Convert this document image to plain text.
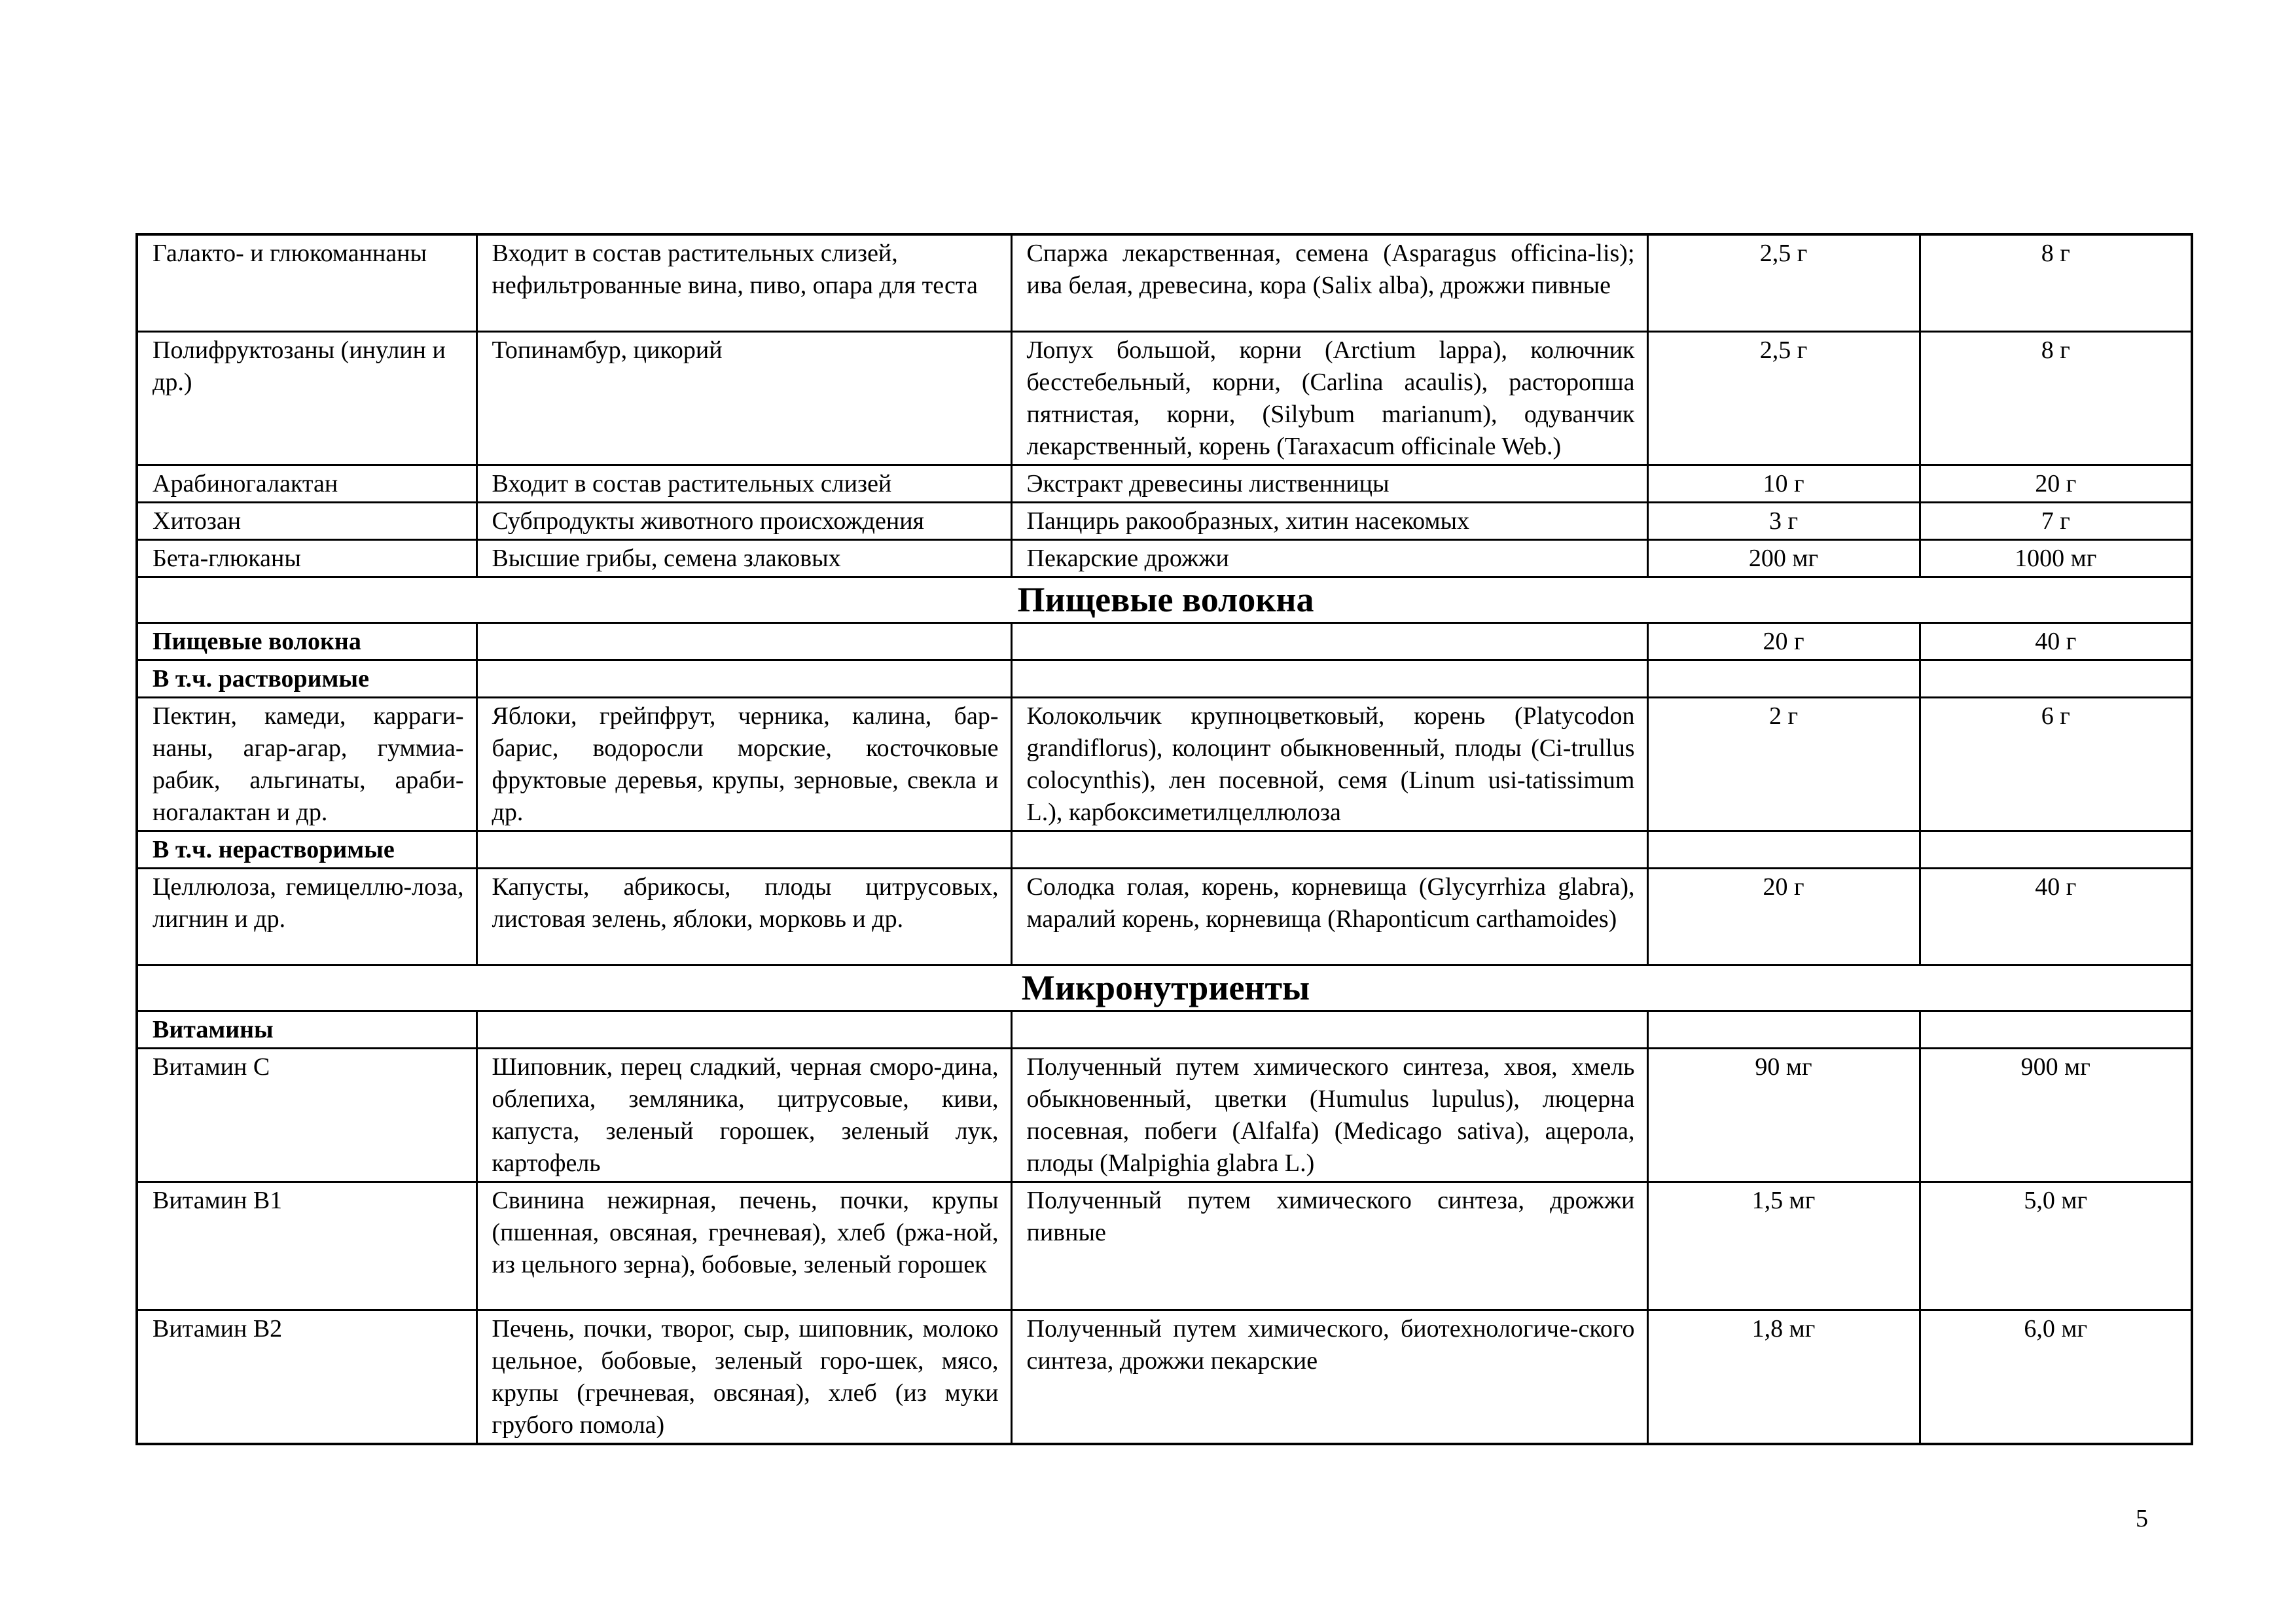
Галакто- и глюкоманнаны	Входит в состав растительных слизей, нефильтрованные вина, пиво, опара для теста	Спаржа лекарственная, семена (Asparagus officina-lis); ива белая, древесина, кора (Salix alba), дрожжи пивные	2,5 г	8 г
Полифруктозаны (инулин и др.)	Топинамбур, цикорий	Лопух большой, корни (Arctium lappa), колючник бесстебельный, корни, (Carlina acaulis), расторопша пятнистая, корни, (Silybum marianum), одуванчик лекарственный, корень (Taraxacum officinale Web.)	2,5 г	8 г
Арабиногалактан	Входит в состав растительных слизей	Экстракт древесины лиственницы	10 г	20 г
Хитозан	Субпродукты животного происхождения	Панцирь ракообразных, хитин насекомых	3 г	7 г
Бета-глюканы	Высшие грибы, семена злаковых	Пекарские дрожжи	200 мг	1000 мг
Пищевые волокна				
Пищевые волокна			20 г	40 г
В т.ч. растворимые				
Пектин, камеди, карраги-наны, агар-агар, гуммиа-рабик, альгинаты, араби-ногалактан и др.	Яблоки, грейпфрут, черника, калина, бар-барис, водоросли морские, косточковые фруктовые деревья, крупы, зерновые, свекла и др.	Колокольчик крупноцветковый, корень (Platycodon grandiflorus), колоцинт обыкновенный, плоды (Ci-trullus colocynthis), лен посевной, семя (Linum usi-tatissimum L.), карбоксиметилцеллюлоза	2 г	6 г
В т.ч. нерастворимые				
Целлюлоза, гемицеллю-лоза, лигнин и др.	Капусты, абрикосы, плоды цитрусовых, листовая зелень, яблоки, морковь и др.	Солодка голая, корень, корневища (Glycyrrhiza glabra), маралий корень, корневища (Rhaponticum carthamoides)	20 г	40 г
Микронутриенты				
Витамины				
Витамин С	Шиповник, перец сладкий, черная сморо-дина, облепиха, земляника, цитрусовые, киви, капуста, зеленый горошек, зеленый лук, картофель	Полученный путем химического синтеза, хвоя, хмель обыкновенный, цветки (Humulus lupulus), люцерна посевная, побеги (Alfalfa) (Medicago sativa), ацерола, плоды (Malpighia glabra L.)	90 мг	900 мг
Витамин В1	Свинина нежирная, печень, почки, крупы (пшенная, овсяная, гречневая), хлеб (ржа-ной, из цельного зерна), бобовые, зеленый горошек	Полученный путем химического синтеза, дрожжи пивные	1,5 мг	5,0 мг
Витамин В2	Печень, почки, творог, сыр, шиповник, молоко цельное, бобовые, зеленый горо-шек, мясо, крупы (гречневая, овсяная), хлеб (из муки грубого помола)	Полученный путем химического, биотехнологиче-ского синтеза, дрожжи пекарские	1,8 мг	6,0 мг
5
